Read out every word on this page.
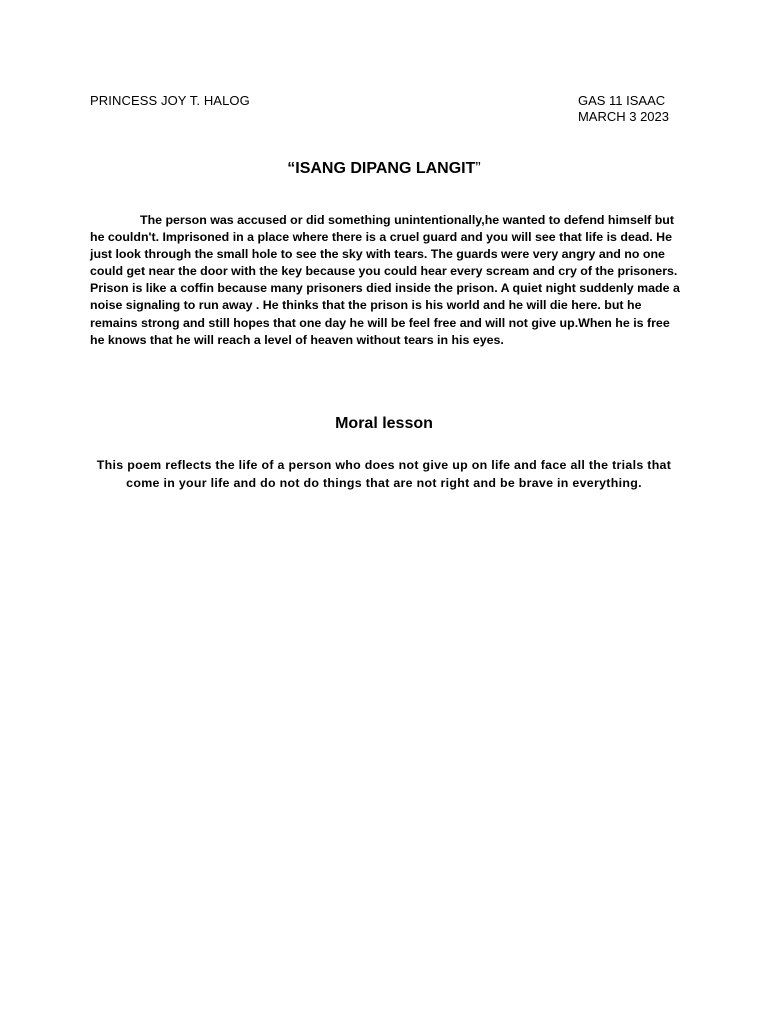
PRINCESS JOY T. HALOG	GAS 11 ISAAC
MARCH 3 2023
“ISANG DIPANG LANGIT”
The person was accused or did something unintentionally,he wanted to defend himself but he couldn't. Imprisoned in a place where there is a cruel guard and you will see that life is dead. He just look through the small hole to see the sky with tears. The guards were very angry and no one could get near the door with the key because you could hear every scream and cry of the prisoners. Prison is like a coffin because many prisoners died inside the prison. A quiet night suddenly made a noise signaling to run away . He thinks that the prison is his world and he will die here. but he remains strong and still hopes that one day he will be feel free and will not give up.When he is free he knows that he will reach a level of heaven without tears in his eyes.
Moral lesson
This poem reflects the life of a person who does not give up on life and face all the trials that come in your life and do not do things that are not right and be brave in everything.
